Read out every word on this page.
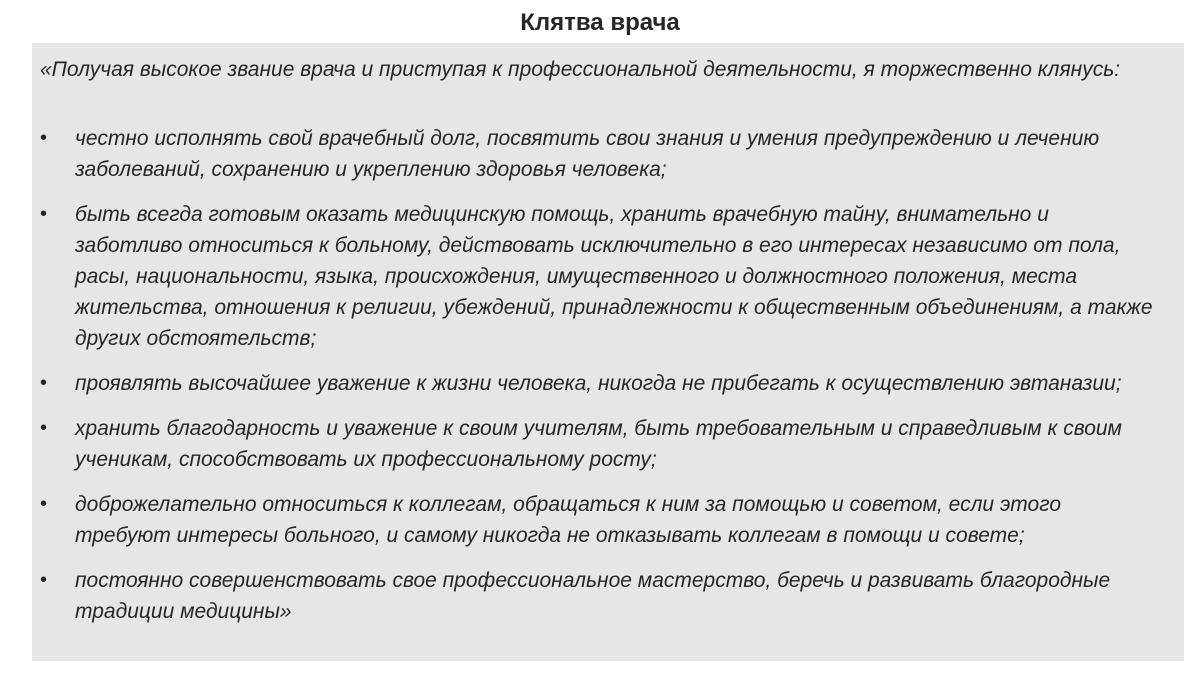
Клятва врача

«Получая высокое звание врача и приступая к профессиональной деятельности, я торжественно клянусь:

• честно исполнять свой врачебный долг, посвятить свои знания и умения предупреждению и лечению заболеваний, сохранению и укреплению здоровья человека;
• быть всегда готовым оказать медицинскую помощь, хранить врачебную тайну, внимательно и заботливо относиться к больному, действовать исключительно в его интересах независимо от пола, расы, национальности, языка, происхождения, имущественного и должностного положения, места жительства, отношения к религии, убеждений, принадлежности к общественным объединениям, а также других обстоятельств;
• проявлять высочайшее уважение к жизни человека, никогда не прибегать к осуществлению эвтаназии;
• хранить благодарность и уважение к своим учителям, быть требовательным и справедливым к своим ученикам, способствовать их профессиональному росту;
• доброжелательно относиться к коллегам, обращаться к ним за помощью и советом, если этого требуют интересы больного, и самому никогда не отказывать коллегам в помощи и совете;
• постоянно совершенствовать свое профессиональное мастерство, беречь и развивать благородные традиции медицины»
